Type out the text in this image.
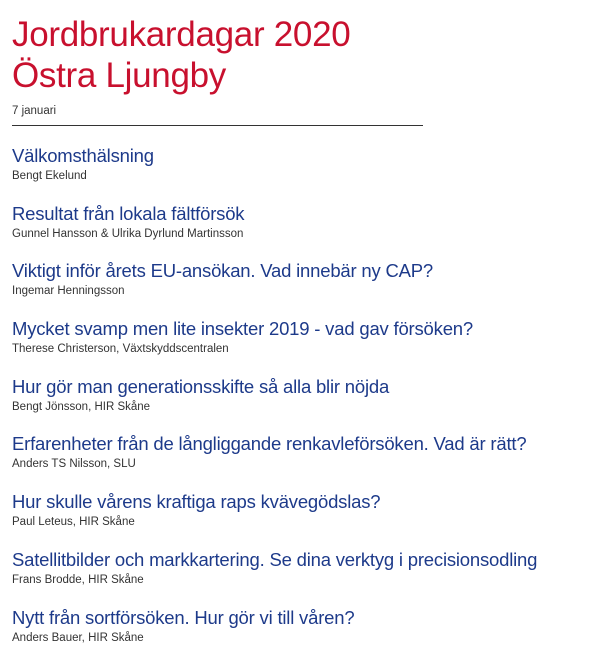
Jordbrukardagar 2020
Östra Ljungby
7 januari
Välkomsthälsning
Bengt Ekelund
Resultat från lokala fältförsök
Gunnel Hansson & Ulrika Dyrlund Martinsson
Viktigt inför årets EU-ansökan. Vad innebär ny CAP?
Ingemar Henningsson
Mycket svamp men lite insekter 2019 - vad gav försöken?
Therese Christerson, Växtskyddscentralen
Hur gör man generationsskifte så alla blir nöjda
Bengt Jönsson, HIR Skåne
Erfarenheter från de långliggande renkavleförsöken. Vad är rätt?
Anders TS Nilsson, SLU
Hur skulle vårens kraftiga raps kvävegödslas?
Paul Leteus, HIR Skåne
Satellitbilder och markkartering. Se dina verktyg i precisionsodling
Frans Brodde, HIR Skåne
Nytt från sortförsöken. Hur gör vi till våren?
Anders Bauer, HIR Skåne
